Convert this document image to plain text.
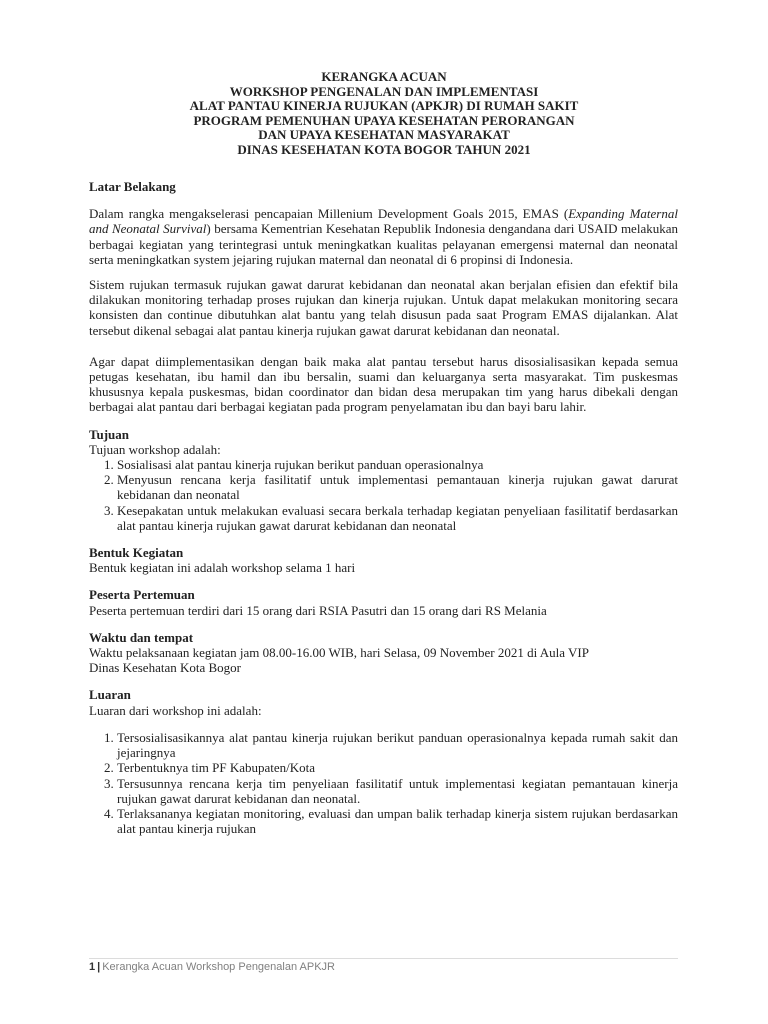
KERANGKA ACUAN
WORKSHOP PENGENALAN DAN IMPLEMENTASI
ALAT PANTAU KINERJA RUJUKAN (APKJR) DI RUMAH SAKIT
PROGRAM PEMENUHAN UPAYA KESEHATAN PERORANGAN
DAN UPAYA KESEHATAN MASYARAKAT
DINAS KESEHATAN KOTA BOGOR TAHUN 2021

Latar Belakang

Dalam rangka mengakselerasi pencapaian Millenium Development Goals 2015, EMAS (Expanding Maternal and Neonatal Survival) bersama Kementrian Kesehatan Republik Indonesia dengandana dari USAID melakukan berbagai kegiatan yang terintegrasi untuk meningkatkan kualitas pelayanan emergensi maternal dan neonatal serta meningkatkan system jejaring rujukan maternal dan neonatal di 6 propinsi di Indonesia.

Sistem rujukan termasuk rujukan gawat darurat kebidanan dan neonatal akan berjalan efisien dan efektif bila dilakukan monitoring terhadap proses rujukan dan kinerja rujukan. Untuk dapat melakukan monitoring secara konsisten dan continue dibutuhkan alat bantu yang telah disusun pada saat Program EMAS dijalankan. Alat tersebut dikenal sebagai alat pantau kinerja rujukan gawat darurat kebidanan dan neonatal.

Agar dapat diimplementasikan dengan baik maka alat pantau tersebut harus disosialisasikan kepada semua petugas kesehatan, ibu hamil dan ibu bersalin, suami dan keluarganya serta masyarakat. Tim puskesmas khususnya kepala puskesmas, bidan coordinator dan bidan desa merupakan tim yang harus dibekali dengan berbagai alat pantau dari berbagai kegiatan pada program penyelamatan ibu dan bayi baru lahir.

Tujuan

Tujuan workshop adalah:

1. Sosialisasi alat pantau kinerja rujukan berikut panduan operasionalnya
2. Menyusun rencana kerja fasilitatif untuk implementasi pemantauan kinerja rujukan gawat darurat kebidanan dan neonatal
3. Kesepakatan untuk melakukan evaluasi secara berkala terhadap kegiatan penyeliaan fasilitatif berdasarkan alat pantau kinerja rujukan gawat darurat kebidanan dan neonatal

Bentuk Kegiatan

Bentuk kegiatan ini adalah workshop selama 1 hari

Peserta Pertemuan

Peserta pertemuan terdiri dari 15 orang dari RSIA Pasutri dan 15 orang dari RS Melania

Waktu dan tempat

Waktu pelaksanaan kegiatan jam 08.00-16.00 WIB, hari Selasa, 09 November 2021 di Aula VIP

Dinas Kesehatan Kota Bogor

Luaran

Luaran dari workshop ini adalah:

1. Tersosialisasikannya alat pantau kinerja rujukan berikut panduan operasionalnya kepada rumah sakit dan jejaringnya
2. Terbentuknya tim PF Kabupaten/Kota
3. Tersusunnya rencana kerja tim penyeliaan fasilitatif untuk implementasi kegiatan pemantauan kinerja rujukan gawat darurat kebidanan dan neonatal.
4. Terlaksananya kegiatan monitoring, evaluasi dan umpan balik terhadap kinerja sistem rujukan berdasarkan alat pantau kinerja rujukan
1 | Kerangka Acuan Workshop Pengenalan APKJR
